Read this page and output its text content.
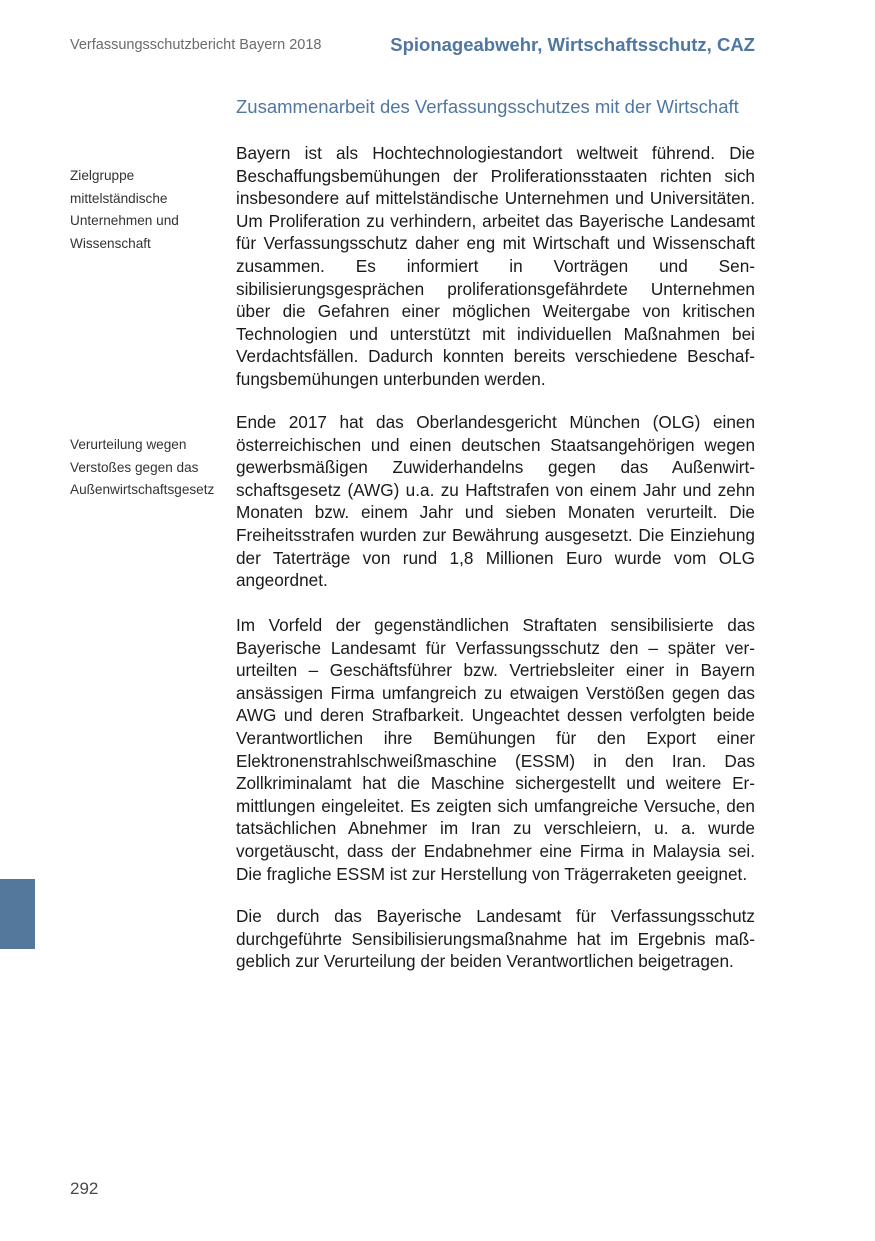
Verfassungsschutzbericht Bayern 2018	Spionageabwehr, Wirtschaftsschutz, CAZ
Zusammenarbeit des Verfassungsschutzes mit der Wirtschaft
Zielgruppe mittelständische Unternehmen und Wissenschaft
Verurteilung wegen Verstoßes gegen das Außenwirtschaftsgesetz

Bayern ist als Hochtechnologiestandort weltweit führend. Die Beschaffungsbemühungen der Proliferationsstaaten richten sich insbesondere auf mittelständische Unternehmen und Universitäten. Um Proliferation zu verhindern, arbeitet das Bayerische Landesamt für Verfassungsschutz daher eng mit Wirtschaft und Wissenschaft zusammen. Es informiert in Vorträgen und Sensibilisierungsgesprächen proliferationsgefährdete Unternehmen über die Gefahren einer möglichen Weitergabe von kritischen Technologien und unterstützt mit individuellen Maßnahmen bei Verdachtsfällen. Dadurch konnten bereits verschiedene Beschaffungsbemühungen unterbunden werden.

Ende 2017 hat das Oberlandesgericht München (OLG) einen österreichischen und einen deutschen Staatsangehörigen wegen gewerbsmäßigen Zuwiderhandelns gegen das Außenwirtschaftsgesetz (AWG) u.a. zu Haftstrafen von einem Jahr und zehn Monaten bzw. einem Jahr und sieben Monaten verurteilt. Die Freiheitsstrafen wurden zur Bewährung ausgesetzt. Die Einziehung der Taterträge von rund 1,8 Millionen Euro wurde vom OLG angeordnet.

Im Vorfeld der gegenständlichen Straftaten sensibilisierte das Bayerische Landesamt für Verfassungsschutz den – später verurteilten – Geschäftsführer bzw. Vertriebsleiter einer in Bayern ansässigen Firma umfangreich zu etwaigen Verstößen gegen das AWG und deren Strafbarkeit. Ungeachtet dessen verfolgten beide Verantwortlichen ihre Bemühungen für den Export einer Elektronenstrahlschweißmaschine (ESSM) in den Iran. Das Zollkriminalamt hat die Maschine sichergestellt und weitere Ermittlungen eingeleitet. Es zeigten sich umfangreiche Versuche, den tatsächlichen Abnehmer im Iran zu verschleiern, u. a. wurde vorgetäuscht, dass der Endabnehmer eine Firma in Malaysia sei. Die fragliche ESSM ist zur Herstellung von Trägerraketen geeignet.

Die durch das Bayerische Landesamt für Verfassungsschutz durchgeführte Sensibilisierungsmaßnahme hat im Ergebnis maßgeblich zur Verurteilung der beiden Verantwortlichen beigetragen.

292
